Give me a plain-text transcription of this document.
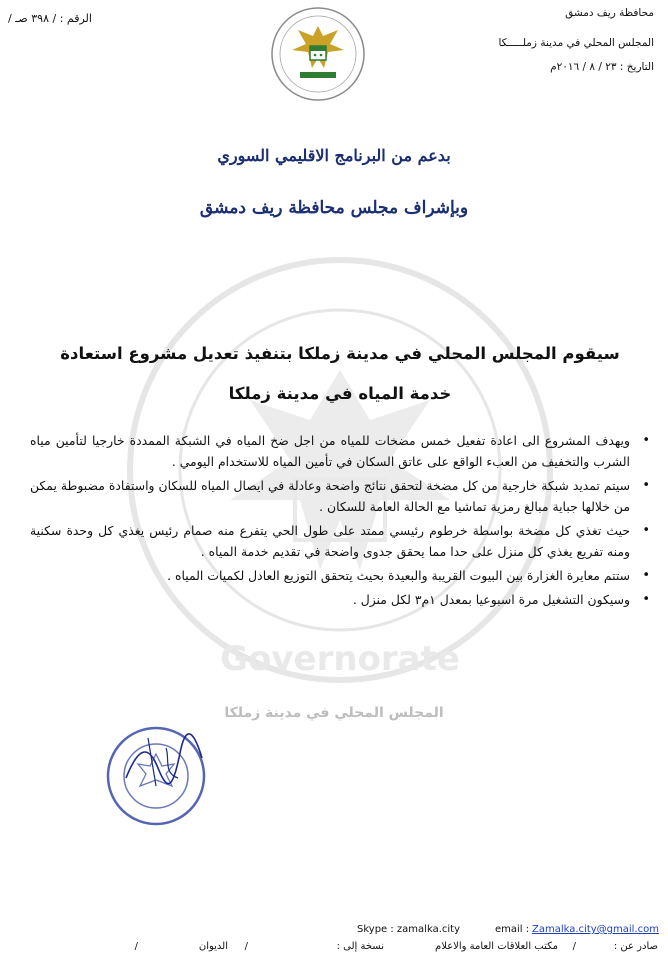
Governorate
محافظة ريف دمشق
المجلس المحلي في مدينة زملـــــكا
التاريخ : ٢٣ / ٨ / ٢٠١٦م
الرقم : / ٣٩٨ صـ /
بدعم من البرنامج الاقليمي السوري
وبإشراف مجلس محافظة ريف دمشق
سيقوم المجلس المحلي في مدينة زملكا بتنفيذ تعديل مشروع استعادة خدمة المياه في مدينة زملكا
• ويهدف المشروع الى اعادة تفعيل خمس مضخات للمياه من اجل ضخ المياه في الشبكة الممددة خارجيا لتأمين مياه الشرب والتخفيف من العبء الواقع على عاتق السكان في تأمين المياه للاستخدام اليومي .
• سيتم تمديد شبكة خارجية من كل مضخة لتحقق نتائج واضحة وعادلة في ايصال المياه للسكان واستفادة مضبوطة يمكن من خلالها جباية مبالغ رمزية تماشيا مع الحالة العامة للسكان .
• حيث تغذي كل مضخة بواسطة خرطوم رئيسي ممتد على طول الحي يتفرع منه صمام رئيس يغذي كل وحدة سكنية ومنه تفريع يغذي كل منزل على حدا مما يحقق جدوى واضحة في تقديم خدمة المياه .
• ستتم معايرة الغزارة بين البيوت القريبة والبعيدة بحيث يتحقق التوزيع العادل لكميات المياه .
• وسيكون التشغيل مرة اسبوعيا بمعدل ١م٣ لكل منزل .
المجلس المحلي في مدينة زملكا
Skype : zamalka.city	email : Zamalka.city@gmail.com
صادر عن :
/
مكتب العلاقات العامة والاعلام
نسخة إلى :
/
الديوان
/
